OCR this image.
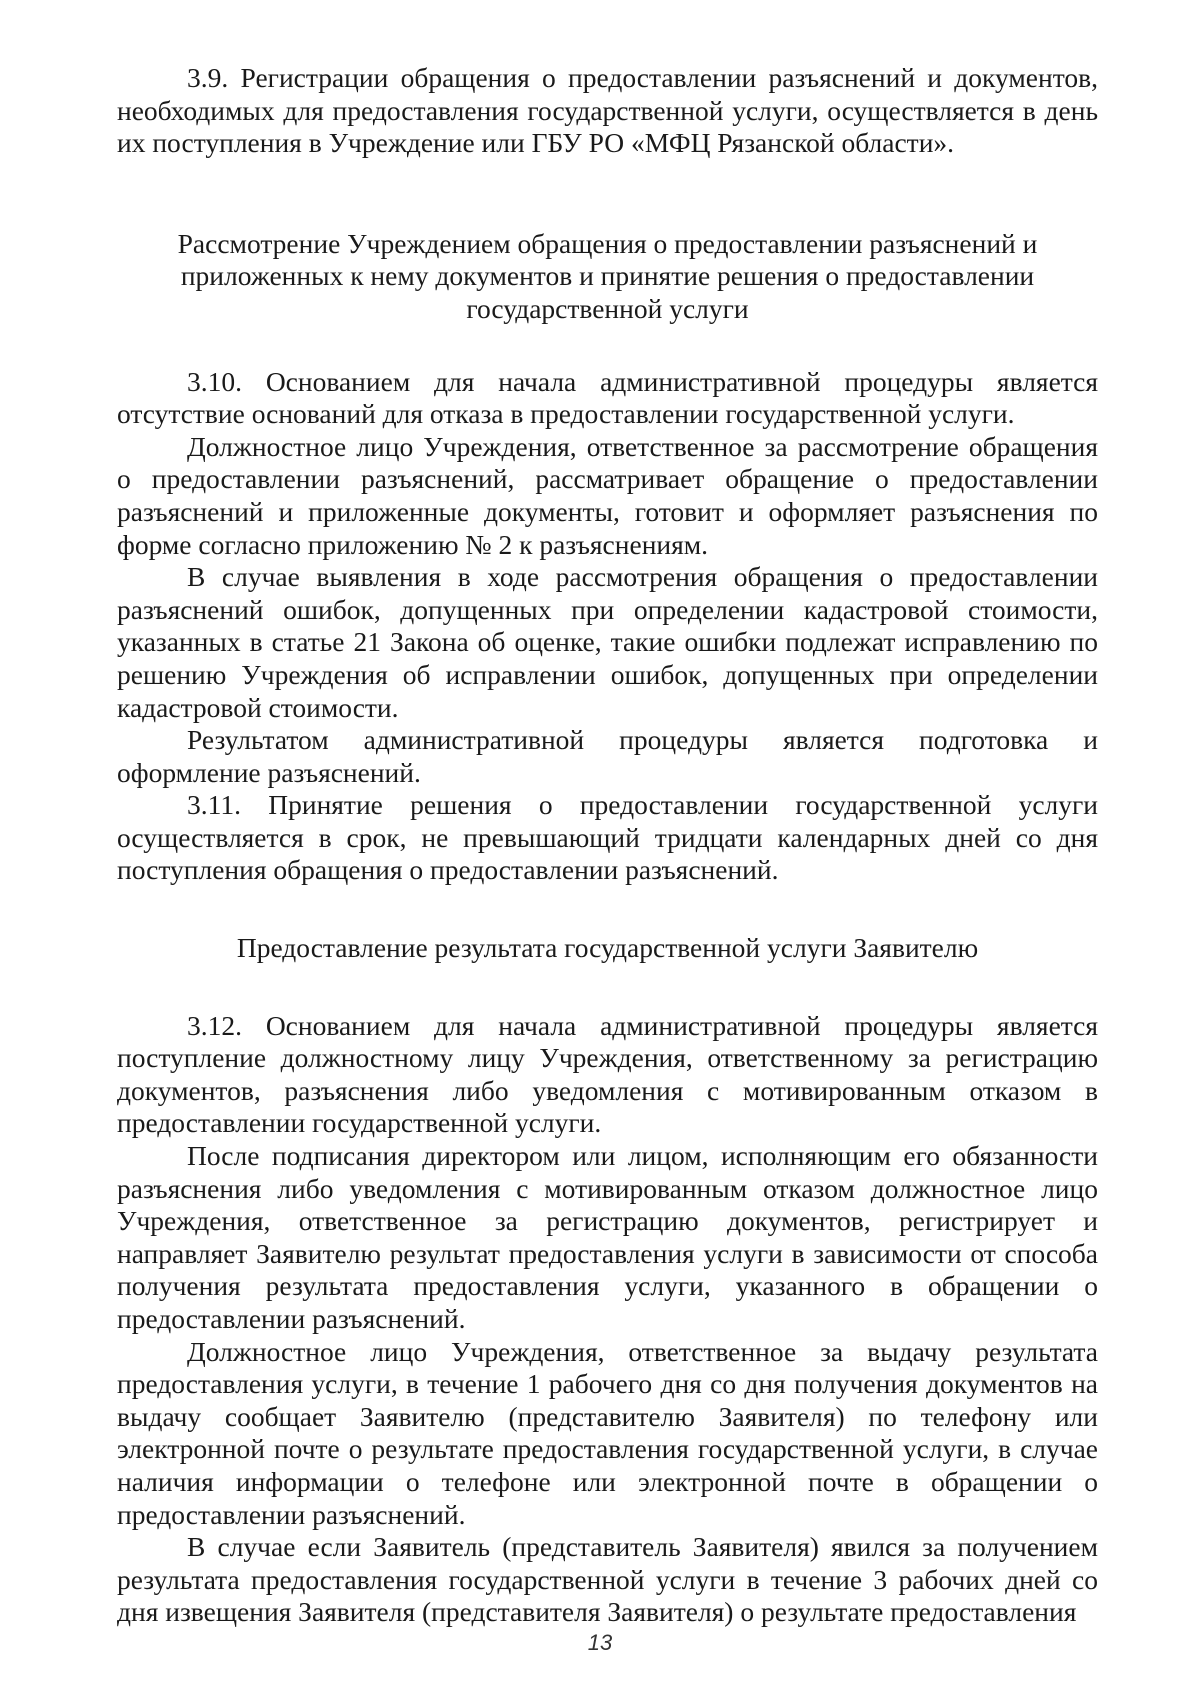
3.9. Регистрации обращения о предоставлении разъяснений и документов, необходимых для предоставления государственной услуги, осуществляется в день их поступления в Учреждение или ГБУ РО «МФЦ Рязанской области».

Рассмотрение Учреждением обращения о предоставлении разъяснений и приложенных к нему документов и принятие решения о предоставлении государственной услуги

3.10. Основанием для начала административной процедуры является отсутствие оснований для отказа в предоставлении государственной услуги.

Должностное лицо Учреждения, ответственное за рассмотрение обращения о предоставлении разъяснений, рассматривает обращение о предоставлении разъяснений и приложенные документы, готовит и оформляет разъяснения по форме согласно приложению № 2 к разъяснениям.

В случае выявления в ходе рассмотрения обращения о предоставлении разъяснений ошибок, допущенных при определении кадастровой стоимости, указанных в статье 21 Закона об оценке, такие ошибки подлежат исправлению по решению Учреждения об исправлении ошибок, допущенных при определении кадастровой стоимости.

Результатом административной процедуры является подготовка и оформление разъяснений.

3.11. Принятие решения о предоставлении государственной услуги осуществляется в срок, не превышающий тридцати календарных дней со дня поступления обращения о предоставлении разъяснений.

Предоставление результата государственной услуги Заявителю

3.12. Основанием для начала административной процедуры является поступление должностному лицу Учреждения, ответственному за регистрацию документов, разъяснения либо уведомления с мотивированным отказом в предоставлении государственной услуги.

После подписания директором или лицом, исполняющим его обязанности разъяснения либо уведомления с мотивированным отказом должностное лицо Учреждения, ответственное за регистрацию документов, регистрирует и направляет Заявителю результат предоставления услуги в зависимости от способа получения результата предоставления услуги, указанного в обращении о предоставлении разъяснений.

Должностное лицо Учреждения, ответственное за выдачу результата предоставления услуги, в течение 1 рабочего дня со дня получения документов на выдачу сообщает Заявителю (представителю Заявителя) по телефону или электронной почте о результате предоставления государственной услуги, в случае наличия информации о телефоне или электронной почте в обращении о предоставлении разъяснений.

В случае если Заявитель (представитель Заявителя) явился за получением результата предоставления государственной услуги в течение 3 рабочих дней со дня извещения Заявителя (представителя Заявителя) о результате предоставления

13
